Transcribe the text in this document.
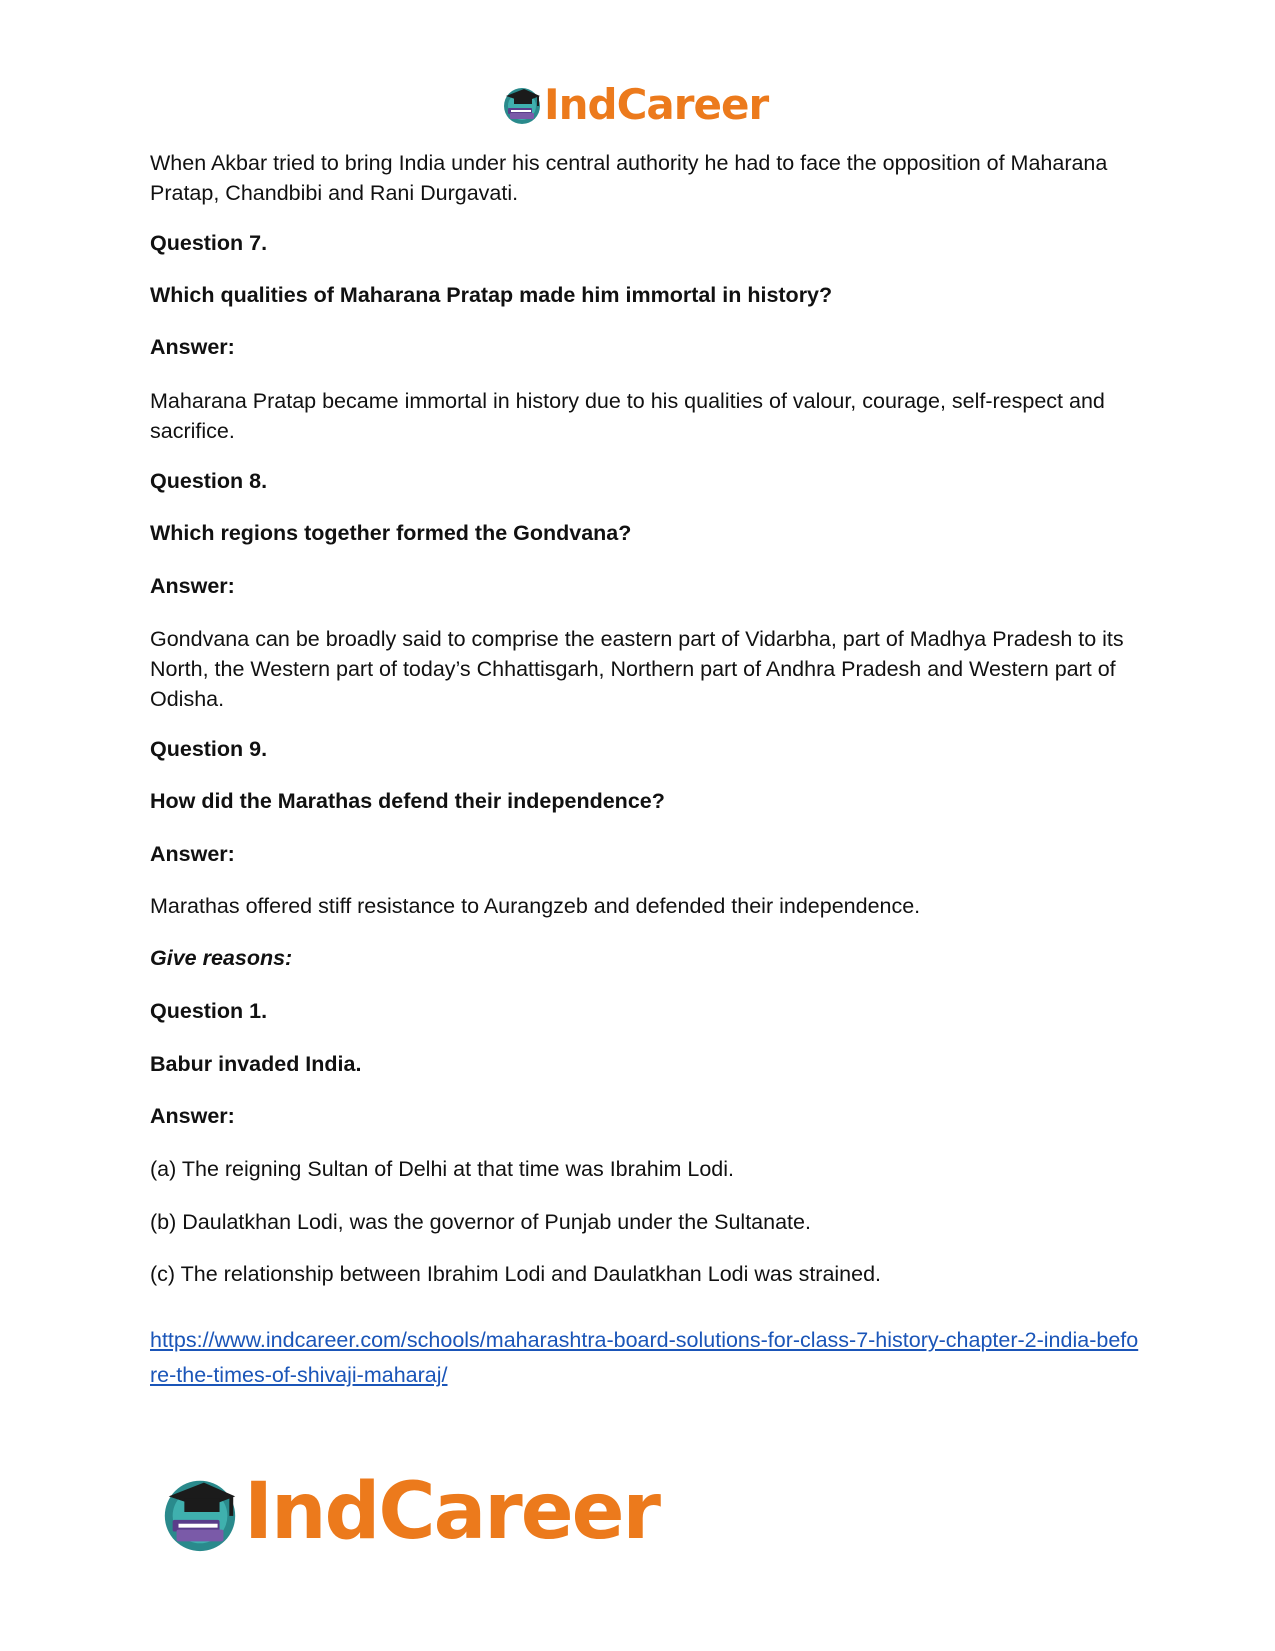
IndCareer

When Akbar tried to bring India under his central authority he had to face the opposition of Maharana Pratap, Chandbibi and Rani Durgavati.

Question 7.

Which qualities of Maharana Pratap made him immortal in history?

Answer:

Maharana Pratap became immortal in history due to his qualities of valour, courage, self-respect and sacrifice.

Question 8.

Which regions together formed the Gondvana?

Answer:

Gondvana can be broadly said to comprise the eastern part of Vidarbha, part of Madhya Pradesh to its North, the Western part of today’s Chhattisgarh, Northern part of Andhra Pradesh and Western part of Odisha.

Question 9.

How did the Marathas defend their independence?

Answer:

Marathas offered stiff resistance to Aurangzeb and defended their independence.

Give reasons:

Question 1.

Babur invaded India.

Answer:

(a) The reigning Sultan of Delhi at that time was Ibrahim Lodi.

(b) Daulatkhan Lodi, was the governor of Punjab under the Sultanate.

(c) The relationship between Ibrahim Lodi and Daulatkhan Lodi was strained.

https://www.indcareer.com/schools/maharashtra-board-solutions-for-class-7-history-chapter-2-india-before-the-times-of-shivaji-maharaj/

IndCareer
